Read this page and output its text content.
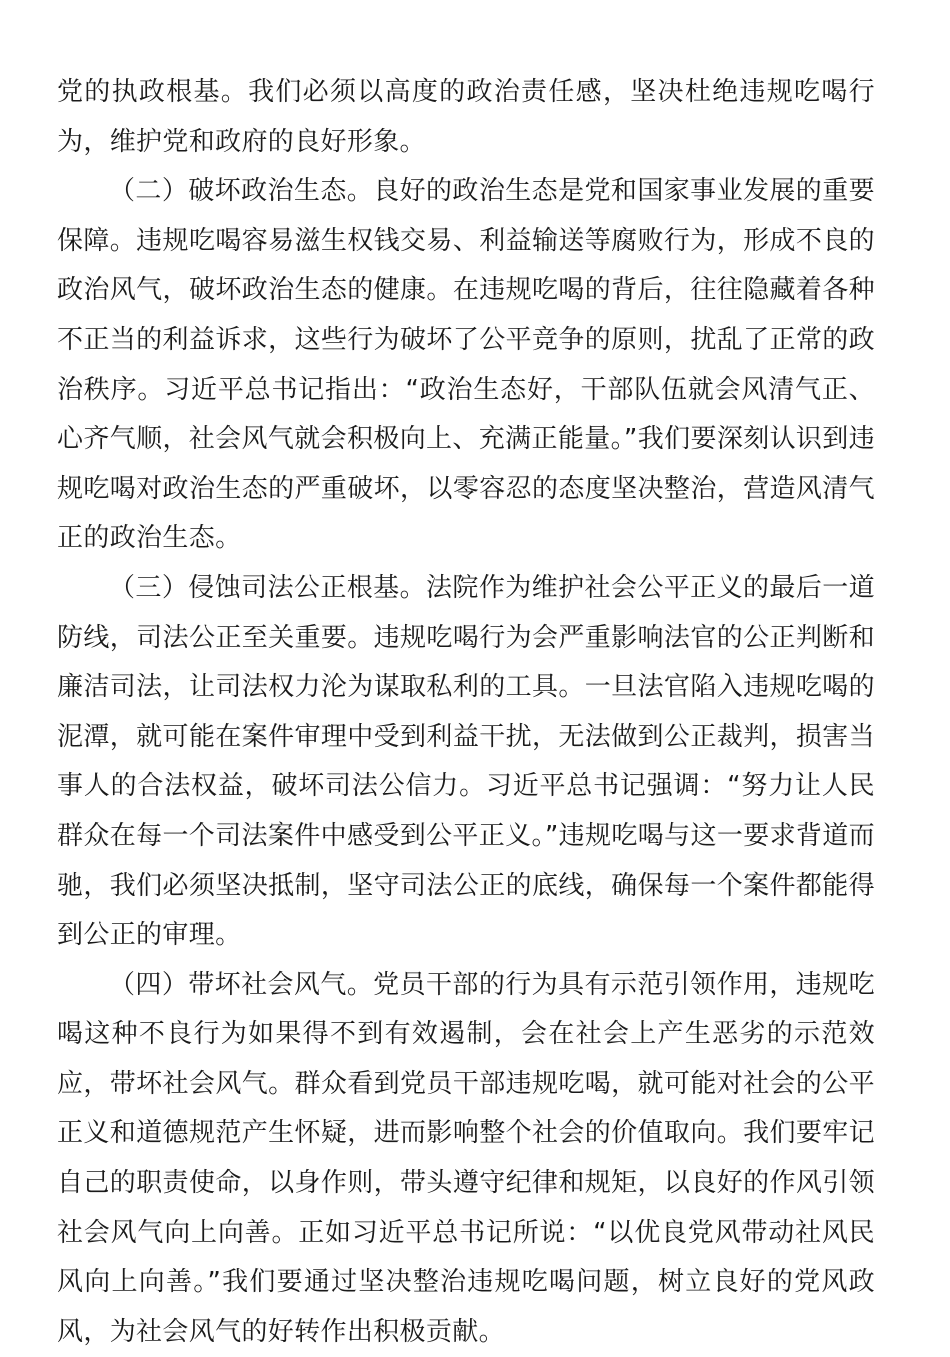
党的执政根基。我们必须以高度的政治责任感，坚决杜绝违规吃喝行为，维护党和政府的良好形象。

（二）破坏政治生态。良好的政治生态是党和国家事业发展的重要保障。违规吃喝容易滋生权钱交易、利益输送等腐败行为，形成不良的政治风气，破坏政治生态的健康。在违规吃喝的背后，往往隐藏着各种不正当的利益诉求，这些行为破坏了公平竞争的原则，扰乱了正常的政治秩序。习近平总书记指出：“政治生态好，干部队伍就会风清气正、心齐气顺，社会风气就会积极向上、充满正能量。”我们要深刻认识到违规吃喝对政治生态的严重破坏，以零容忍的态度坚决整治，营造风清气正的政治生态。

（三）侵蚀司法公正根基。法院作为维护社会公平正义的最后一道防线，司法公正至关重要。违规吃喝行为会严重影响法官的公正判断和廉洁司法，让司法权力沦为谋取私利的工具。一旦法官陷入违规吃喝的泥潭，就可能在案件审理中受到利益干扰，无法做到公正裁判，损害当事人的合法权益，破坏司法公信力。习近平总书记强调：“努力让人民群众在每一个司法案件中感受到公平正义。”违规吃喝与这一要求背道而驰，我们必须坚决抵制，坚守司法公正的底线，确保每一个案件都能得到公正的审理。

（四）带坏社会风气。党员干部的行为具有示范引领作用，违规吃喝这种不良行为如果得不到有效遏制，会在社会上产生恶劣的示范效应，带坏社会风气。群众看到党员干部违规吃喝，就可能对社会的公平正义和道德规范产生怀疑，进而影响整个社会的价值取向。我们要牢记自己的职责使命，以身作则，带头遵守纪律和规矩，以良好的作风引领社会风气向上向善。正如习近平总书记所说：“以优良党风带动社风民风向上向善。”我们要通过坚决整治违规吃喝问题，树立良好的党风政风，为社会风气的好转作出积极贡献。
